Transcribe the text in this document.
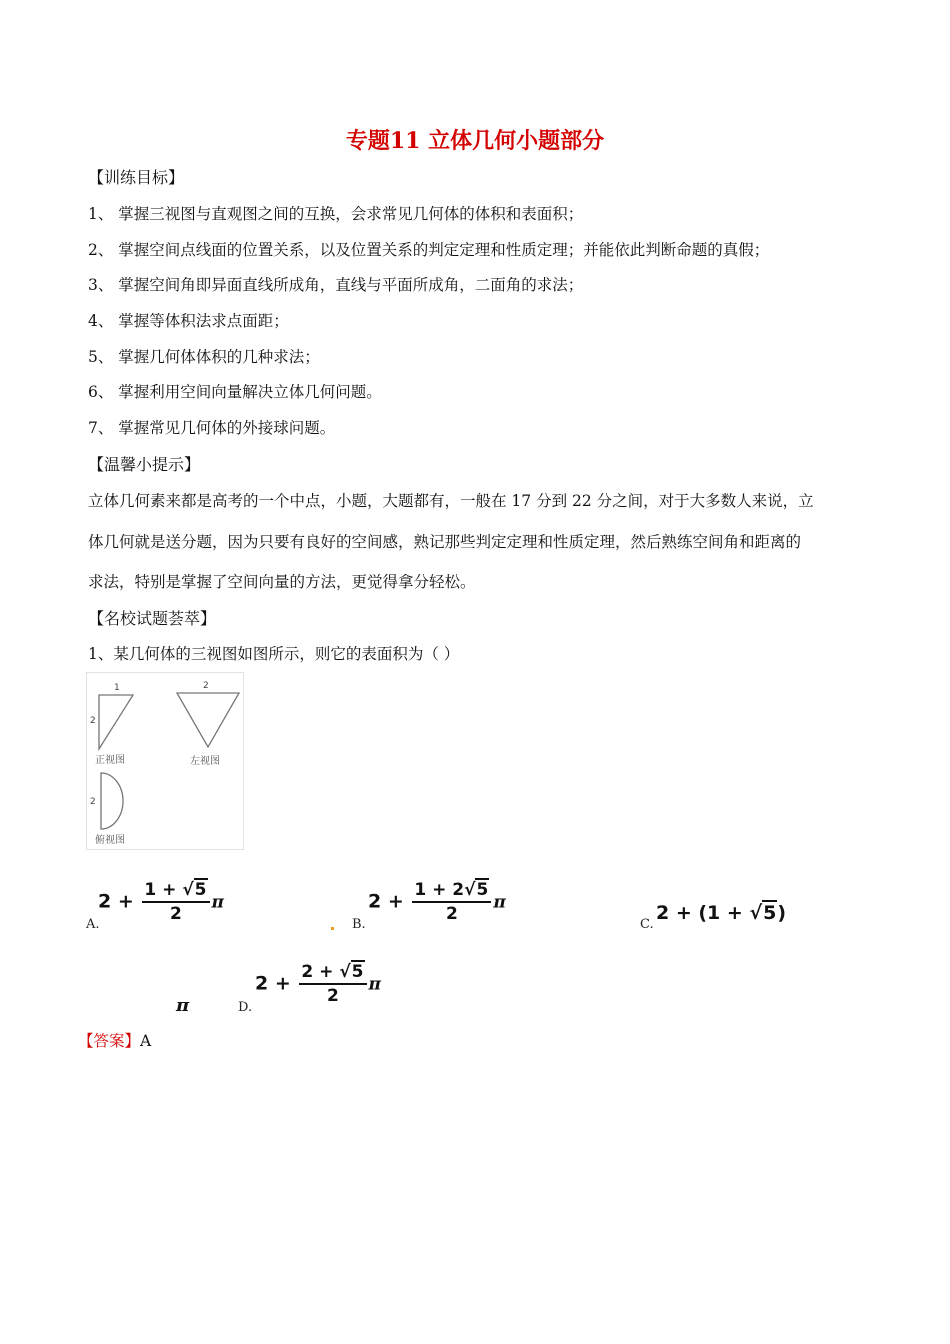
专题11 立体几何小题部分
【训练目标】
1、 掌握三视图与直观图之间的互换，会求常见几何体的体积和表面积；
2、 掌握空间点线面的位置关系，以及位置关系的判定定理和性质定理；并能依此判断命题的真假；
3、 掌握空间角即异面直线所成角，直线与平面所成角，二面角的求法；
4、 掌握等体积法求点面距；
5、 掌握几何体体积的几种求法；
6、 掌握利用空间向量解决立体几何问题。
7、 掌握常见几何体的外接球问题。
【温馨小提示】
立体几何素来都是高考的一个中点，小题，大题都有，一般在 17 分到 22 分之间，对于大多数人来说，立
体几何就是送分题，因为只要有良好的空间感，熟记那些判定定理和性质定理，然后熟练空间角和距离的
求法，特别是掌握了空间向量的方法，更觉得拿分轻松。
【名校试题荟萃】
1、某几何体的三视图如图所示，则它的表面积为（ ）
1
2
正视图
2
左视图
2
俯视图
A.
$2 + \frac{1 + √5}{2}$ π
B.
$2 + \frac{1 + 2√5}{2}$ π
C.
2 + (1 + √5)
π	D.
$2 + \frac{2 + √5}{2}$ π
【答案】A
